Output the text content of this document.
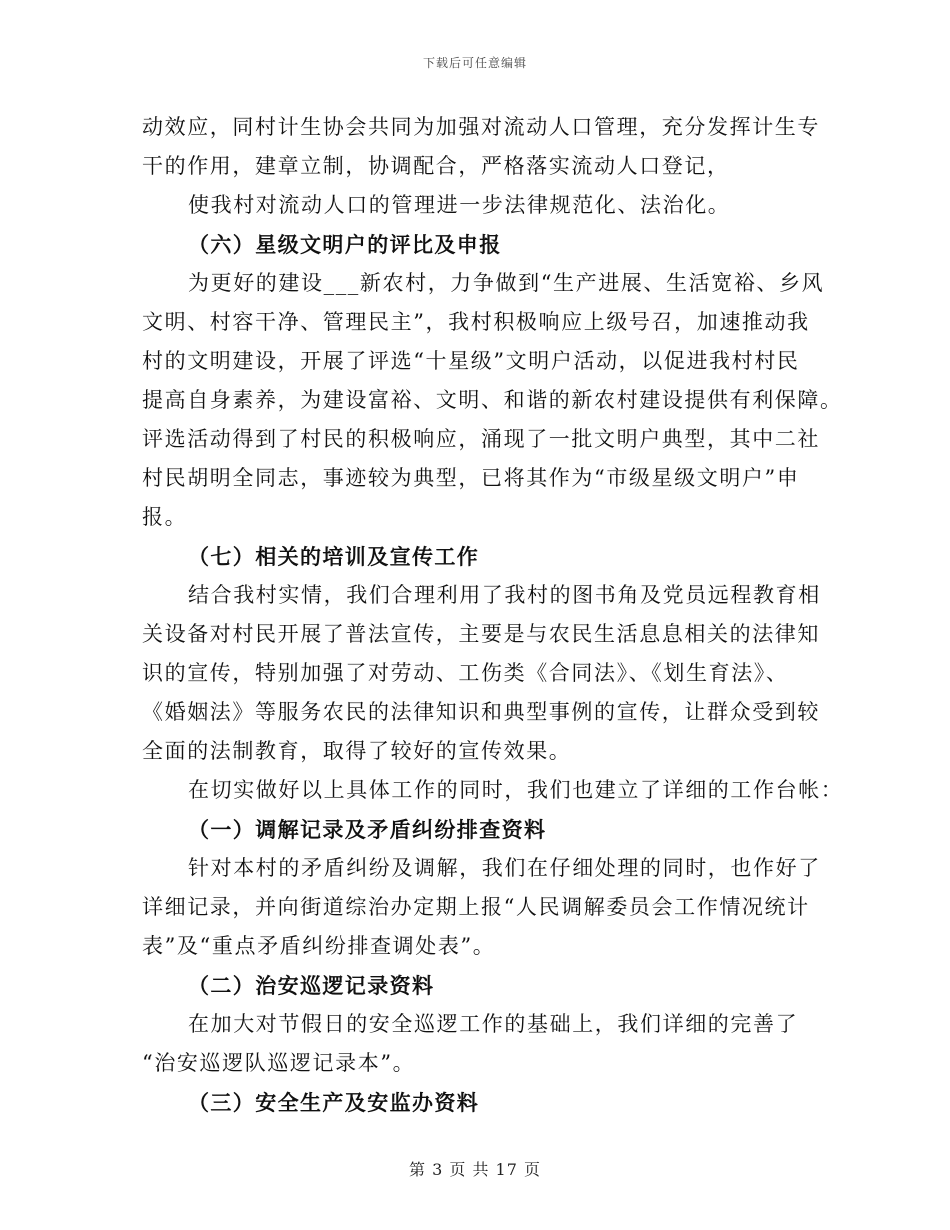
下载后可任意编辑

动效应，同村计生协会共同为加强对流动人口管理，充分发挥计生专

干的作用，建章立制，协调配合，严格落实流动人口登记，

使我村对流动人口的管理进一步法律规范化、法治化。

（六）星级文明户的评比及申报

为更好的建设___新农村，力争做到“生产进展、生活宽裕、乡风

文明、村容干净、管理民主”，我村积极响应上级号召，加速推动我

村的文明建设，开展了评选“十星级”文明户活动，以促进我村村民

提高自身素养，为建设富裕、文明、和谐的新农村建设提供有利保障。

评选活动得到了村民的积极响应，涌现了一批文明户典型，其中二社

村民胡明全同志，事迹较为典型，已将其作为“市级星级文明户”申

报。

（七）相关的培训及宣传工作

结合我村实情，我们合理利用了我村的图书角及党员远程教育相

关设备对村民开展了普法宣传，主要是与农民生活息息相关的法律知

识的宣传，特别加强了对劳动、工伤类《合同法》、《划生育法》、

《婚姻法》等服务农民的法律知识和典型事例的宣传，让群众受到较

全面的法制教育，取得了较好的宣传效果。

在切实做好以上具体工作的同时，我们也建立了详细的工作台帐：

（一）调解记录及矛盾纠纷排查资料

针对本村的矛盾纠纷及调解，我们在仔细处理的同时，也作好了

详细记录，并向街道综治办定期上报“人民调解委员会工作情况统计

表”及“重点矛盾纠纷排查调处表”。

（二）治安巡逻记录资料

在加大对节假日的安全巡逻工作的基础上，我们详细的完善了

“治安巡逻队巡逻记录本”。

（三）安全生产及安监办资料

第 3 页 共 17 页
